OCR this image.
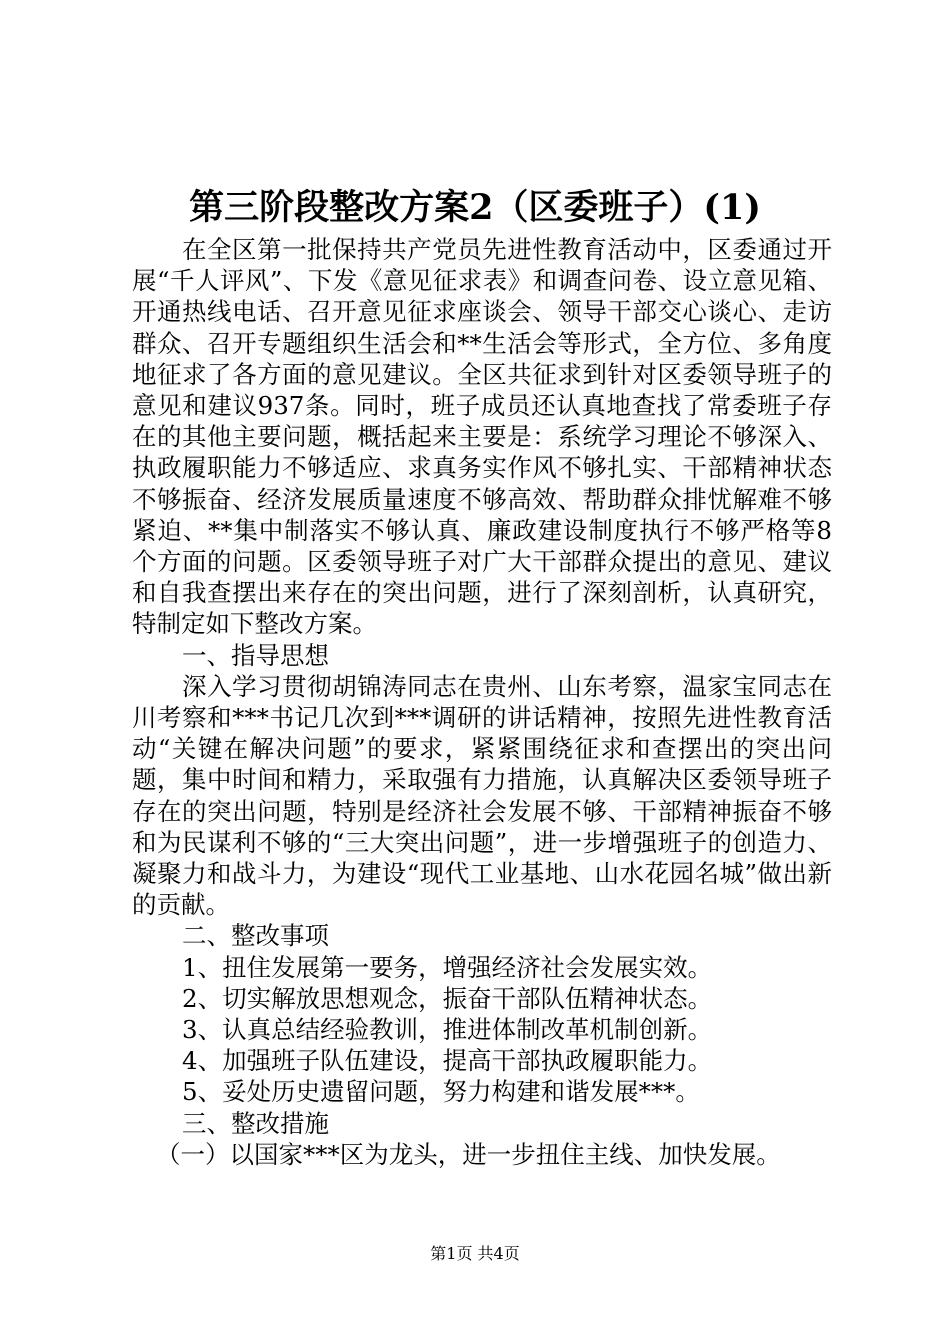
第三阶段整改方案2（区委班子）(1)

在全区第一批保持共产党员先进性教育活动中，区委通过开展“千人评风”、下发《意见征求表》和调查问卷、设立意见箱、开通热线电话、召开意见征求座谈会、领导干部交心谈心、走访群众、召开专题组织生活会和**生活会等形式，全方位、多角度地征求了各方面的意见建议。全区共征求到针对区委领导班子的意见和建议937条。同时，班子成员还认真地查找了常委班子存在的其他主要问题，概括起来主要是：系统学习理论不够深入、执政履职能力不够适应、求真务实作风不够扎实、干部精神状态不够振奋、经济发展质量速度不够高效、帮助群众排忧解难不够紧迫、**集中制落实不够认真、廉政建设制度执行不够严格等8个方面的问题。区委领导班子对广大干部群众提出的意见、建议和自我查摆出来存在的突出问题，进行了深刻剖析，认真研究，特制定如下整改方案。

一、指导思想

深入学习贯彻胡锦涛同志在贵州、山东考察，温家宝同志在川考察和***书记几次到***调研的讲话精神，按照先进性教育活动“关键在解决问题”的要求，紧紧围绕征求和查摆出的突出问题，集中时间和精力，采取强有力措施，认真解决区委领导班子存在的突出问题，特别是经济社会发展不够、干部精神振奋不够和为民谋利不够的“三大突出问题”，进一步增强班子的创造力、凝聚力和战斗力，为建设“现代工业基地、山水花园名城”做出新的贡献。

二、整改事项

1、扭住发展第一要务，增强经济社会发展实效。

2、切实解放思想观念，振奋干部队伍精神状态。

3、认真总结经验教训，推进体制改革机制创新。

4、加强班子队伍建设，提高干部执政履职能力。

5、妥处历史遗留问题，努力构建和谐发展***。

三、整改措施

（一）以国家***区为龙头，进一步扭住主线、加快发展。

第1页 共4页
